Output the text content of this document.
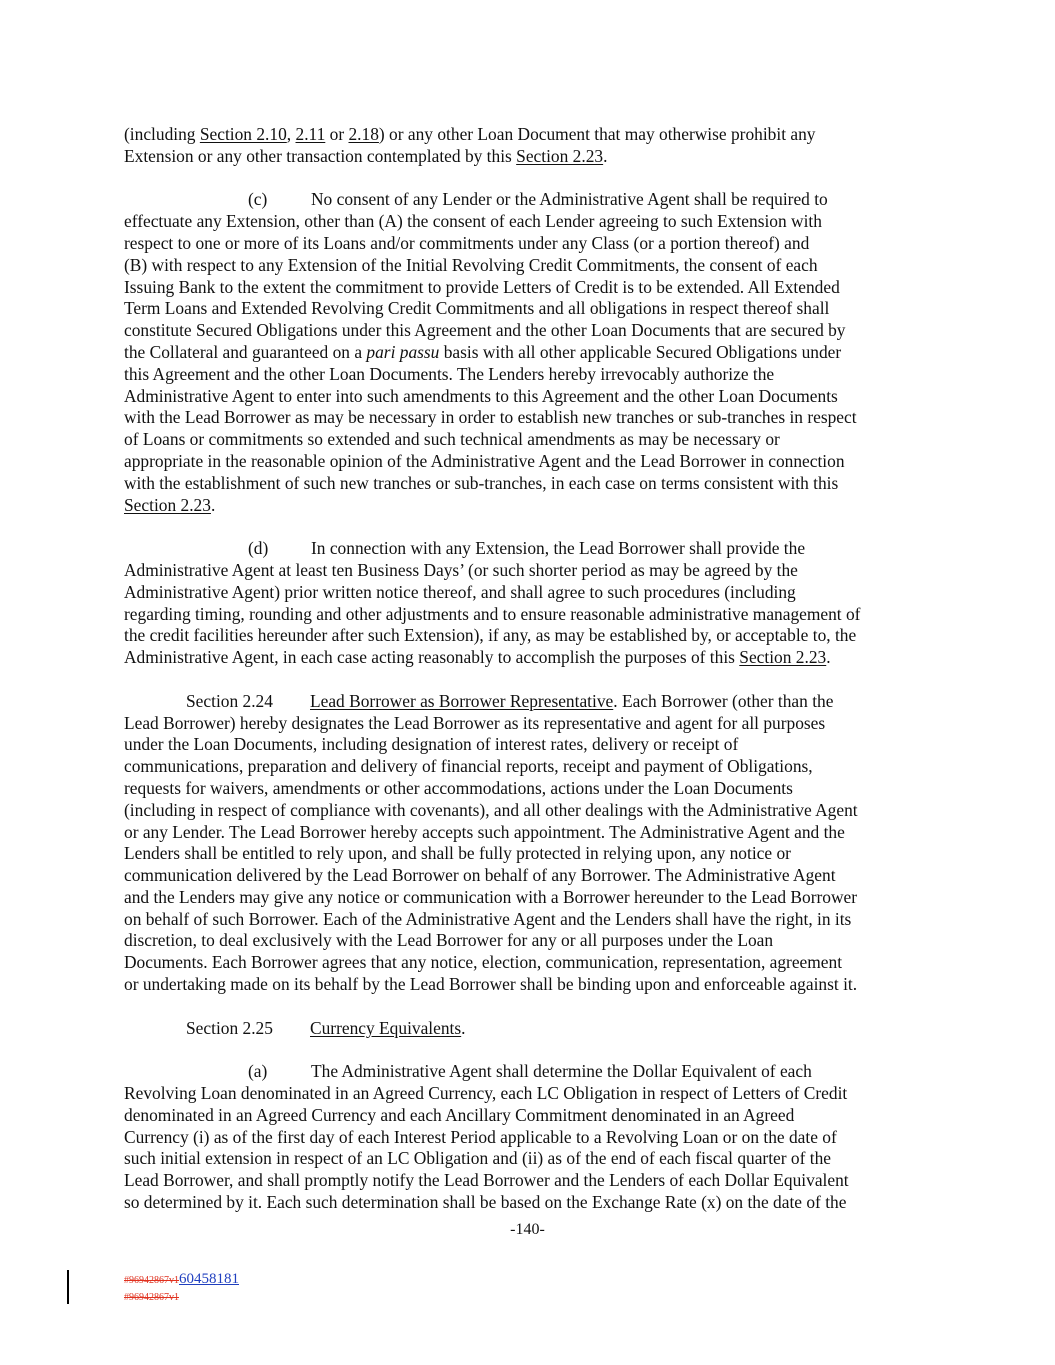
(including Section 2.10, 2.11 or 2.18) or any other Loan Document that may otherwise prohibit any
Extension or any other transaction contemplated by this Section 2.23.
(c)	No consent of any Lender or the Administrative Agent shall be required to
effectuate any Extension, other than (A) the consent of each Lender agreeing to such Extension with
respect to one or more of its Loans and/or commitments under any Class (or a portion thereof) and
(B) with respect to any Extension of the Initial Revolving Credit Commitments, the consent of each
Issuing Bank to the extent the commitment to provide Letters of Credit is to be extended. All Extended
Term Loans and Extended Revolving Credit Commitments and all obligations in respect thereof shall
constitute Secured Obligations under this Agreement and the other Loan Documents that are secured by
the Collateral and guaranteed on a pari passu basis with all other applicable Secured Obligations under
this Agreement and the other Loan Documents. The Lenders hereby irrevocably authorize the
Administrative Agent to enter into such amendments to this Agreement and the other Loan Documents
with the Lead Borrower as may be necessary in order to establish new tranches or sub-tranches in respect
of Loans or commitments so extended and such technical amendments as may be necessary or
appropriate in the reasonable opinion of the Administrative Agent and the Lead Borrower in connection
with the establishment of such new tranches or sub-tranches, in each case on terms consistent with this
Section 2.23.
(d) In connection with any Extension, the Lead Borrower shall provide the
Administrative Agent at least ten Business Days’ (or such shorter period as may be agreed by the
Administrative Agent) prior written notice thereof, and shall agree to such procedures (including
regarding timing, rounding and other adjustments and to ensure reasonable administrative management of
the credit facilities hereunder after such Extension), if any, as may be established by, or acceptable to, the
Administrative Agent, in each case acting reasonably to accomplish the purposes of this Section 2.23.
Section 2.24 Lead Borrower as Borrower Representative. Each Borrower (other than the
Lead Borrower) hereby designates the Lead Borrower as its representative and agent for all purposes
under the Loan Documents, including designation of interest rates, delivery or receipt of
communications, preparation and delivery of financial reports, receipt and payment of Obligations,
requests for waivers, amendments or other accommodations, actions under the Loan Documents
(including in respect of compliance with covenants), and all other dealings with the Administrative Agent
or any Lender. The Lead Borrower hereby accepts such appointment. The Administrative Agent and the
Lenders shall be entitled to rely upon, and shall be fully protected in relying upon, any notice or
communication delivered by the Lead Borrower on behalf of any Borrower. The Administrative Agent
and the Lenders may give any notice or communication with a Borrower hereunder to the Lead Borrower
on behalf of such Borrower. Each of the Administrative Agent and the Lenders shall have the right, in its
discretion, to deal exclusively with the Lead Borrower for any or all purposes under the Loan
Documents. Each Borrower agrees that any notice, election, communication, representation, agreement
or undertaking made on its behalf by the Lead Borrower shall be binding upon and enforceable against it.
Section 2.25 Currency Equivalents.
(a)	The Administrative Agent shall determine the Dollar Equivalent of each
Revolving Loan denominated in an Agreed Currency, each LC Obligation in respect of Letters of Credit
denominated in an Agreed Currency and each Ancillary Commitment denominated in an Agreed
Currency (i) as of the first day of each Interest Period applicable to a Revolving Loan or on the date of
such initial extension in respect of an LC Obligation and (ii) as of the end of each fiscal quarter of the
Lead Borrower, and shall promptly notify the Lead Borrower and the Lenders of each Dollar Equivalent
so determined by it. Each such determination shall be based on the Exchange Rate (x) on the date of the
-140-
#96942867v160458181
#96942867v1
